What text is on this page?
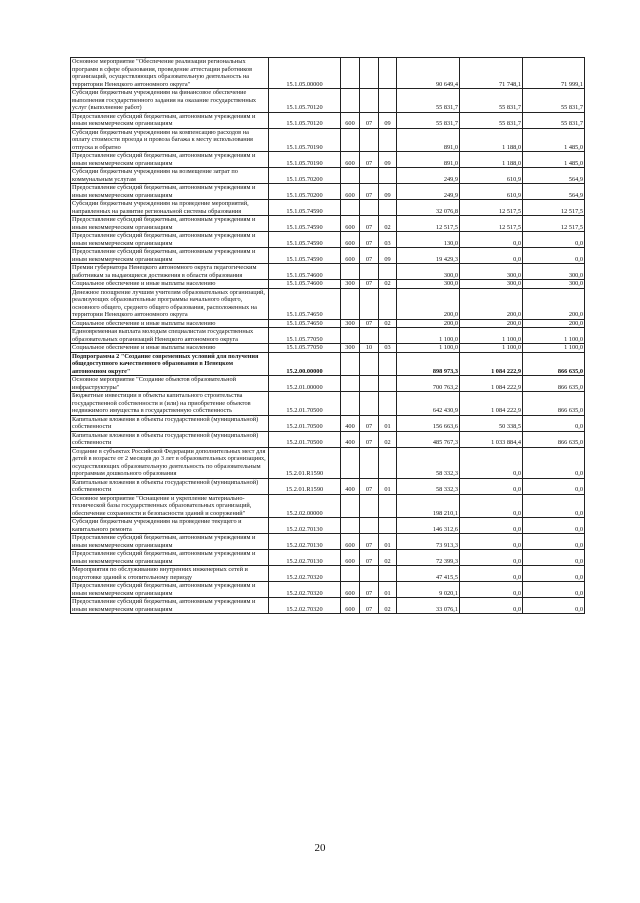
Основное мероприятие "Обеспечение реализации региональных программ в сфере образования, проведение аттестации работников организаций, осуществляющих образовательную деятельность на территории Ненецкого автономного округа"	15.1.05.00000				90 649,4	71 748,1	71 999,1
Субсидии бюджетным учреждениям на финансовое обеспечение выполнения государственного задания на оказание государственных услуг (выполнение работ)	15.1.05.70120				55 831,7	55 831,7	55 831,7
Предоставление субсидий бюджетным, автономным учреждениям и иным некоммерческим организациям	15.1.05.70120	600	07	09	55 831,7	55 831,7	55 831,7
Субсидии бюджетным учреждениям на компенсацию расходов на оплату стоимости проезда и провоза багажа к месту использования отпуска и обратно	15.1.05.70190				891,0	1 188,0	1 485,0
Предоставление субсидий бюджетным, автономным учреждениям и иным некоммерческим организациям	15.1.05.70190	600	07	09	891,0	1 188,0	1 485,0
Субсидии бюджетным учреждениям на возмещение затрат по коммунальным услугам	15.1.05.70200				249,9	610,9	564,9
Предоставление субсидий бюджетным, автономным учреждениям и иным некоммерческим организациям	15.1.05.70200	600	07	09	249,9	610,9	564,9
Субсидии бюджетным учреждениям на проведение мероприятий, направленных на развитие региональной системы образования	15.1.05.74590				32 076,8	12 517,5	12 517,5
Предоставление субсидий бюджетным, автономным учреждениям и иным некоммерческим организациям	15.1.05.74590	600	07	02	12 517,5	12 517,5	12 517,5
Предоставление субсидий бюджетным, автономным учреждениям и иным некоммерческим организациям	15.1.05.74590	600	07	03	130,0	0,0	0,0
Предоставление субсидий бюджетным, автономным учреждениям и иным некоммерческим организациям	15.1.05.74590	600	07	09	19 429,3	0,0	0,0
Премии губернатора Ненецкого автономного округа педагогическим работникам за выдающиеся достижения в области образования	15.1.05.74600				300,0	300,0	300,0
Социальное обеспечение и иные выплаты населению	15.1.05.74600	300	07	02	300,0	300,0	300,0
Денежное поощрение лучшим учителям образовательных организаций, реализующих образовательные программы начального общего, основного общего, среднего общего образования, расположенных на территории Ненецкого автономного округа	15.1.05.74650				200,0	200,0	200,0
Социальное обеспечение и иные выплаты населению	15.1.05.74650	300	07	02	200,0	200,0	200,0
Единовременная выплата молодым специалистам государственных образовательных организаций Ненецкого автономного округа	15.1.05.77050				1 100,0	1 100,0	1 100,0
Социальное обеспечение и иные выплаты населению	15.1.05.77050	300	10	03	1 100,0	1 100,0	1 100,0
Подпрограмма 2 "Создание современных условий для получения общедоступного качественного образования в Ненецком автономном округе"	15.2.00.00000				898 973,3	1 084 222,9	866 635,0
Основное мероприятие "Создание объектов образовательной инфраструктуры"	15.2.01.00000				700 763,2	1 084 222,9	866 635,0
Бюджетные инвестиции в объекты капитального строительства государственной собственности и (или) на приобретение объектов недвижимого имущества в государственную собственность	15.2.01.70500				642 430,9	1 084 222,9	866 635,0
Капитальные вложения в объекты государственной (муниципальной) собственности	15.2.01.70500	400	07	01	156 663,6	50 338,5	0,0
Капитальные вложения в объекты государственной (муниципальной) собственности	15.2.01.70500	400	07	02	485 767,3	1 033 884,4	866 635,0
Создание в субъектах Российской Федерации дополнительных мест для детей в возрасте от 2 месяцев до 3 лет в образовательных организациях, осуществляющих образовательную деятельность по образовательным программам дошкольного образования	15.2.01.R1590				58 332,3	0,0	0,0
Капитальные вложения в объекты государственной (муниципальной) собственности	15.2.01.R1590	400	07	01	58 332,3	0,0	0,0
Основное мероприятие "Оснащение и укрепление материально-технической базы государственных образовательных организаций, обеспечение сохранности и безопасности зданий и сооружений"	15.2.02.00000				198 210,1	0,0	0,0
Субсидии бюджетным учреждениям на проведение текущего и капитального ремонта	15.2.02.70130				146 312,6	0,0	0,0
Предоставление субсидий бюджетным, автономным учреждениям и иным некоммерческим организациям	15.2.02.70130	600	07	01	73 913,3	0,0	0,0
Предоставление субсидий бюджетным, автономным учреждениям и иным некоммерческим организациям	15.2.02.70130	600	07	02	72 399,3	0,0	0,0
Мероприятия по обслуживанию внутренних инженерных сетей и подготовке зданий к отопительному периоду	15.2.02.70320				47 415,5	0,0	0,0
Предоставление субсидий бюджетным, автономным учреждениям и иным некоммерческим организациям	15.2.02.70320	600	07	01	9 020,1	0,0	0,0
Предоставление субсидий бюджетным, автономным учреждениям и иным некоммерческим организациям	15.2.02.70320	600	07	02	33 076,1	0,0	0,0
20
